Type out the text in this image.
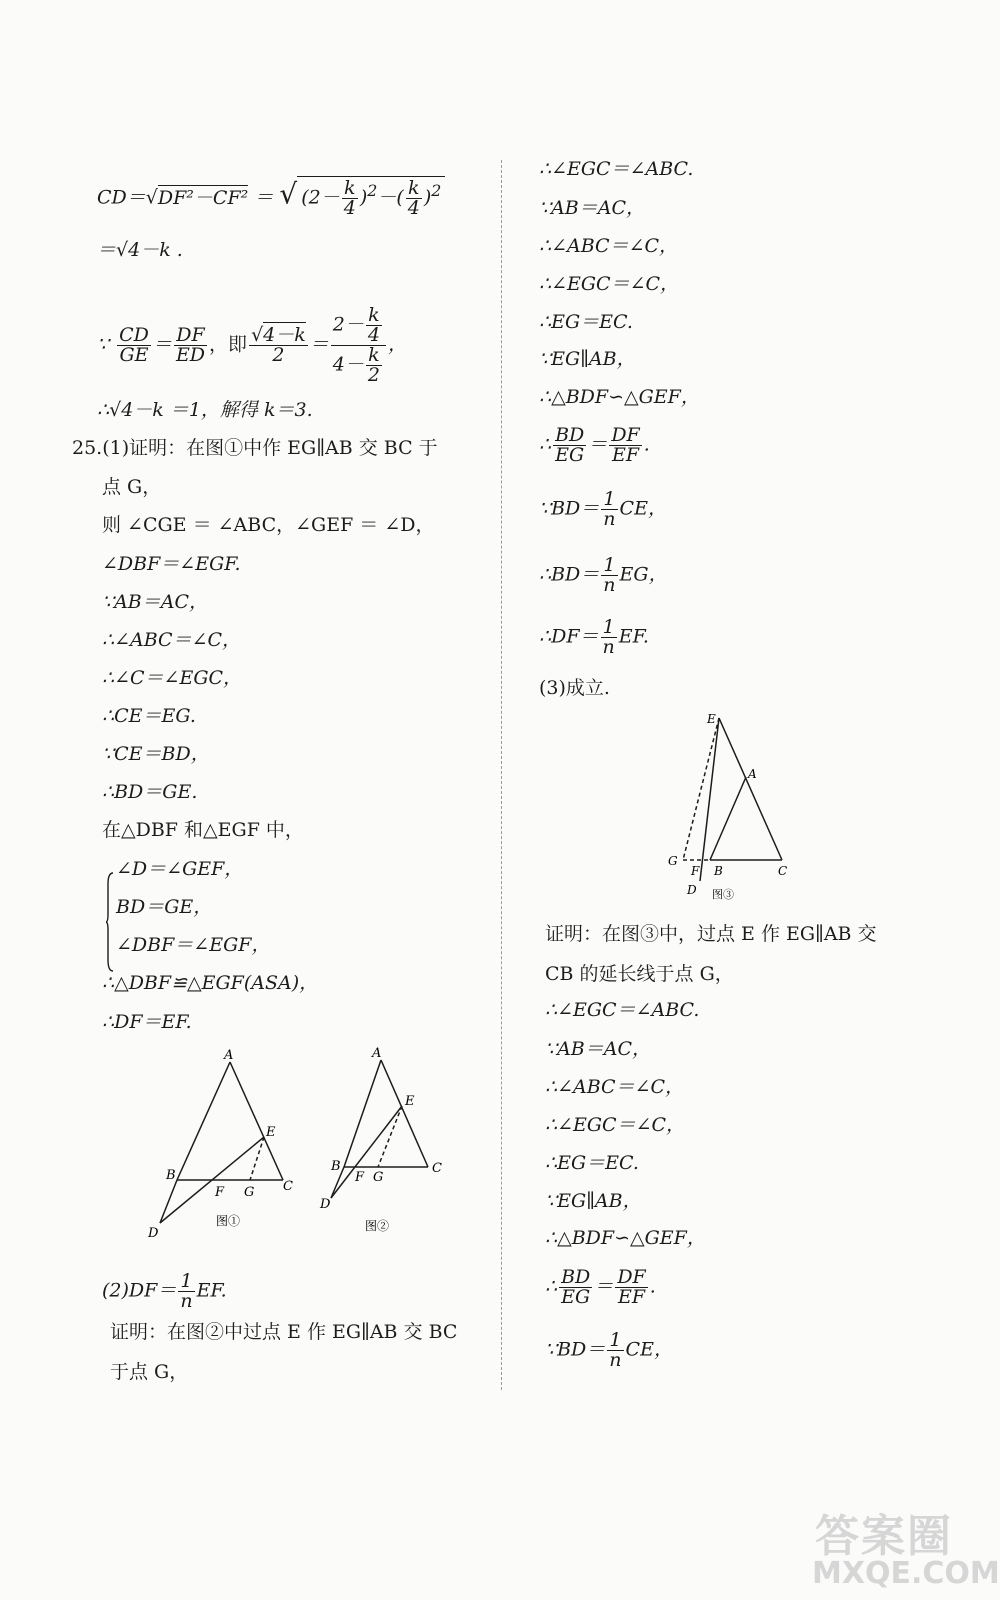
$CD=√DF^2-CF^2 = √(2- \frac{k}{4} )^2-( \frac{k}{4} )^2$
＝√4－k .
∵ $\frac{CD}{GE} = \frac{DF}{ED}$ ，即 $\frac{√4-k}{2} = \frac{2- \frac{k}{4}}{4- \frac{k}{2}}$ ，
∴√4－k ＝1，解得 k＝3.
25.(1)证明：在图①中作 EG∥AB 交 BC 于
点 G，
则 ∠CGE ＝ ∠ABC，∠GEF ＝ ∠D，
∠DBF＝∠EGF.
∵AB＝AC，
∴∠ABC＝∠C，
∴∠C＝∠EGC，
∴CE＝EG.
∵CE＝BD，
∴BD＝GE.
在△DBF 和△EGF 中，
∠D＝∠GEF，
BD＝GE，
∠DBF＝∠EGF，
∴△DBF≌△EGF(ASA)，
∴DF＝EF.
A
B
C
D
E
F G
图①
A
B	C
D
E
F G
图②
$(2)DF= \frac{1}{n}$ EF.
证明：在图②中过点 E 作 EG∥AB 交 BC
于点 G，
∴∠EGC＝∠ABC.
∵AB＝AC，
∴∠ABC＝∠C，
∴∠EGC＝∠C，
∴EG＝EC.
∵EG∥AB，
∴△BDF∽△GEF，
∴ $\frac{BD}{EG} = \frac{DF}{EF}$ .
∵BD＝ $\frac{1}{n}$ CE，
∴BD＝ $\frac{1}{n}$ EG，
∴DF＝ $\frac{1}{n}$ EF.
(3)成立.
E
A
G
F B	C
D 图③
证明：在图③中，过点 E 作 EG∥AB 交
CB 的延长线于点 G，
∴∠EGC＝∠ABC.
∵AB＝AC，
∴∠ABC＝∠C，
∴∠EGC＝∠C，
∴EG＝EC.
∵EG∥AB，
∴△BDF∽△GEF，
∴ $\frac{BD}{EG} = \frac{DF}{EF}$ .
∵BD＝ $\frac{1}{n}$ CE，
答案圈
MXQE.COM
